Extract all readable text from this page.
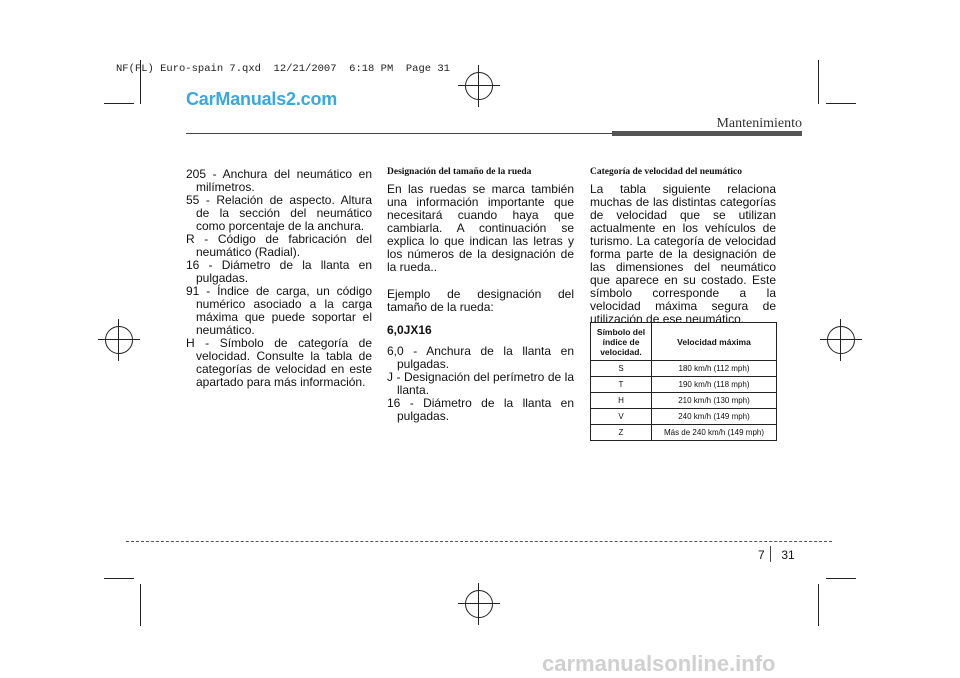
NF(FL) Euro-spain 7.qxd  12/21/2007  6:18 PM  Page 31
CarManuals2.com
Mantenimiento

205 - Anchura del neumático en milímetros.

55 - Relación de aspecto. Altura de la sección del neumático como porcentaje de la anchura.

R - Código de fabricación del neumático (Radial).

16 - Diámetro de la llanta en pulgadas.

91 - Índice de carga, un código numérico asociado a la carga máxima que puede soportar el neumático.

H - Símbolo de categoría de velocidad. Consulte la tabla de categorías de velocidad en este apartado para más información.

Designación del tamaño de la rueda

En las ruedas se marca también una información importante que necesitará cuando haya que cambiarla. A continuación se explica lo que indican las letras y los números de la designación de la rueda..

Ejemplo de designación del tamaño de la rueda:

6,0JX16

6,0 - Anchura de la llanta en pulgadas.

J - Designación del perímetro de la llanta.

16 - Diámetro de la llanta en pulgadas.

Categoría de velocidad del neumático

La tabla siguiente relaciona muchas de las distintas categorías de velocidad que se utilizan actualmente en los vehículos de turismo. La categoría de velocidad forma parte de la designación de las dimensiones del neumático que aparece en su costado. Este símbolo corresponde a la velocidad máxima segura de utilización de ese neumático.

Símbolo del índice de velocidad.	Velocidad máxima
S	180 km/h (112 mph)
T	190 km/h (118 mph)
H	210 km/h (130 mph)
V	240 km/h (149 mph)
Z	Más de 240 km/h (149 mph)
7 31
carmanualsonline.info
